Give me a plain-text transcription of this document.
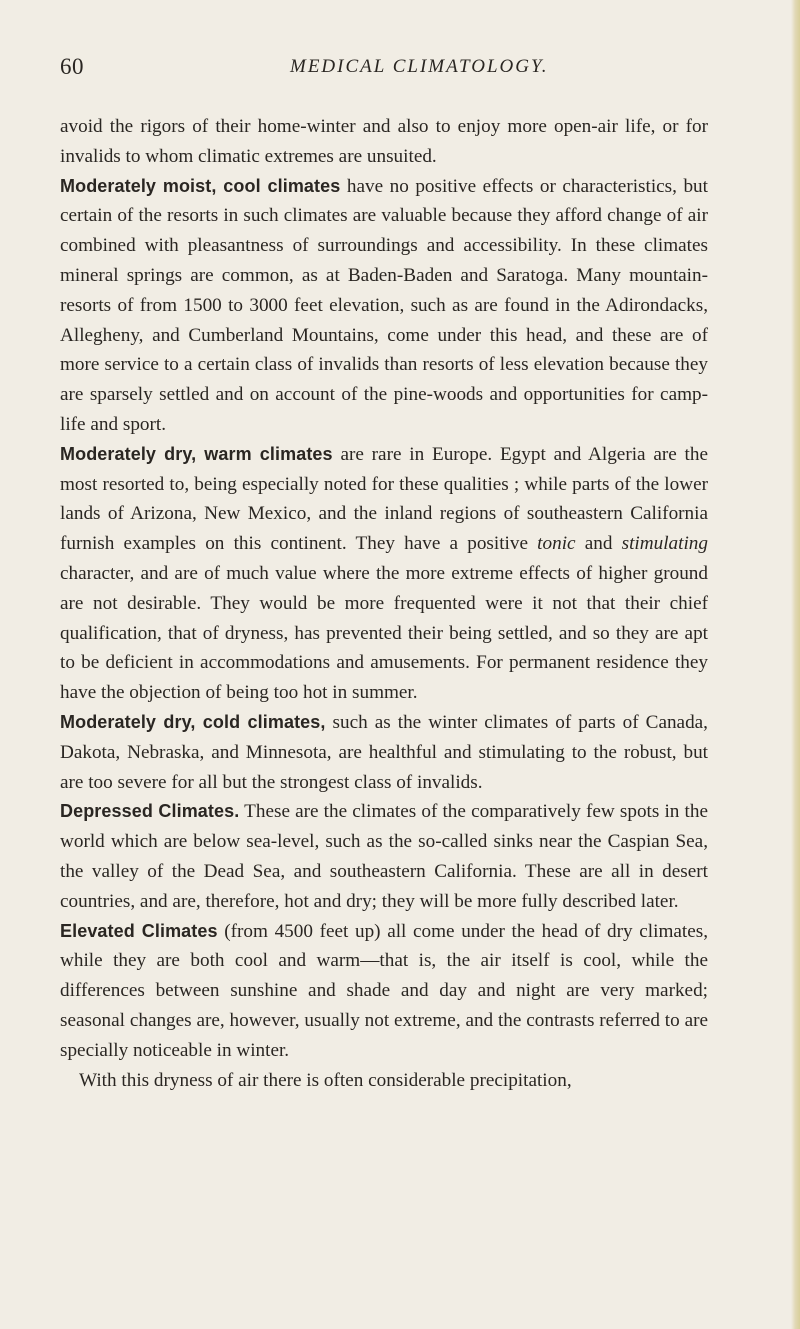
60	MEDICAL CLIMATOLOGY.

avoid the rigors of their home-winter and also to enjoy more open-air life, or for invalids to whom climatic extremes are unsuited.

Moderately moist, cool climates have no positive effects or characteristics, but certain of the resorts in such climates are valuable because they afford change of air combined with pleasantness of surroundings and accessibility. In these climates mineral springs are common, as at Baden-Baden and Saratoga. Many mountain-resorts of from 1500 to 3000 feet elevation, such as are found in the Adirondacks, Allegheny, and Cumberland Mountains, come under this head, and these are of more service to a certain class of invalids than resorts of less elevation because they are sparsely settled and on account of the pine-woods and opportunities for camp-life and sport.

Moderately dry, warm climates are rare in Europe. Egypt and Algeria are the most resorted to, being especially noted for these qualities ; while parts of the lower lands of Arizona, New Mexico, and the inland regions of southeastern California furnish examples on this continent. They have a positive tonic and stimulating character, and are of much value where the more extreme effects of higher ground are not desirable. They would be more frequented were it not that their chief qualification, that of dryness, has prevented their being settled, and so they are apt to be deficient in accommodations and amusements. For permanent residence they have the objection of being too hot in summer.

Moderately dry, cold climates, such as the winter climates of parts of Canada, Dakota, Nebraska, and Minnesota, are healthful and stimulating to the robust, but are too severe for all but the strongest class of invalids.

Depressed Climates. These are the climates of the comparatively few spots in the world which are below sea-level, such as the so-called sinks near the Caspian Sea, the valley of the Dead Sea, and southeastern California. These are all in desert countries, and are, therefore, hot and dry; they will be more fully described later.

Elevated Climates (from 4500 feet up) all come under the head of dry climates, while they are both cool and warm—that is, the air itself is cool, while the differences between sunshine and shade and day and night are very marked; seasonal changes are, however, usually not extreme, and the contrasts referred to are specially noticeable in winter.

With this dryness of air there is often considerable precipitation,
